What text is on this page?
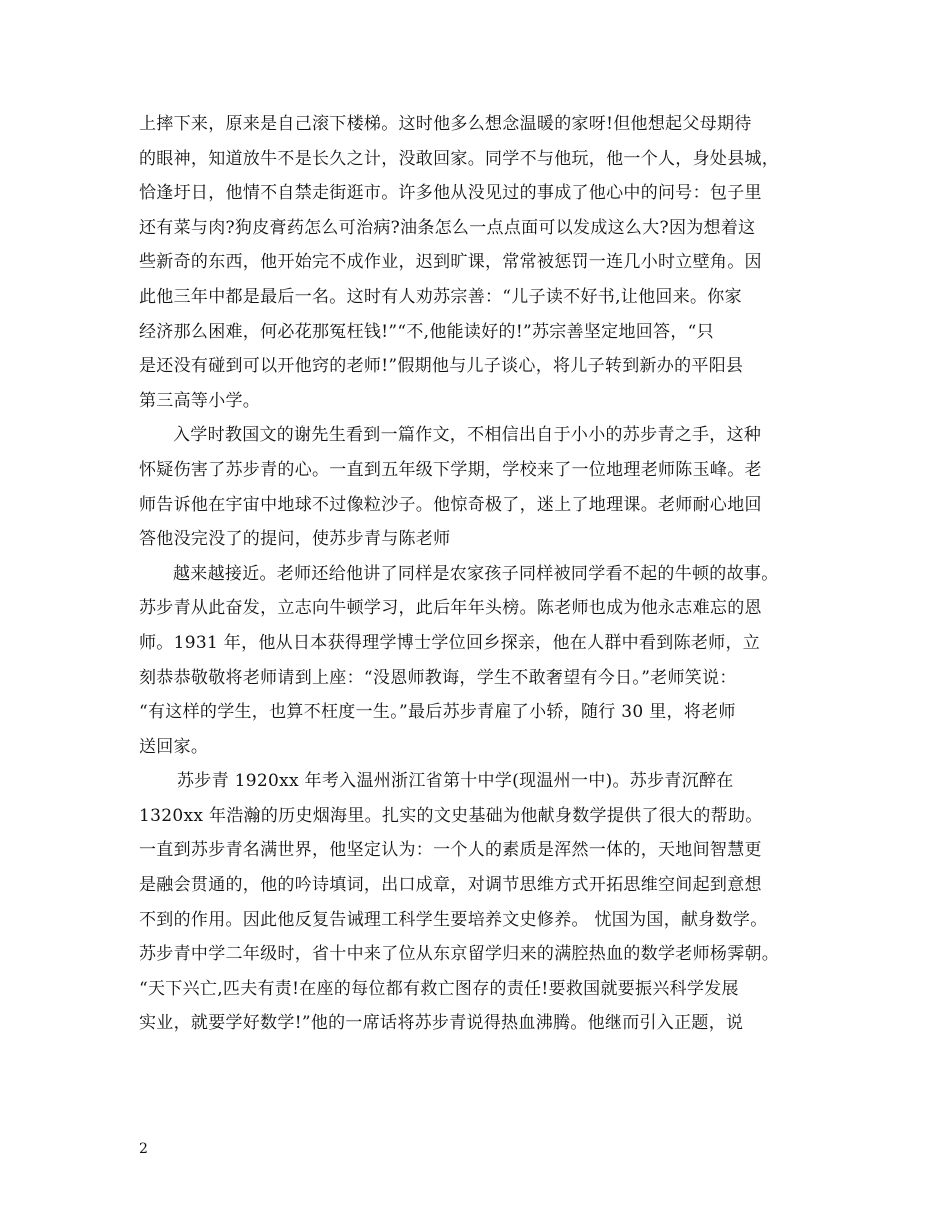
上摔下来，原来是自己滚下楼梯。这时他多么想念温暖的家呀!但他想起父母期待
的眼神，知道放牛不是长久之计，没敢回家。同学不与他玩，他一个人，身处县城，
恰逢圩日，他情不自禁走街逛市。许多他从没见过的事成了他心中的问号：包子里
还有菜与肉?狗皮膏药怎么可治病?油条怎么一点点面可以发成这么大?因为想着这
些新奇的东西，他开始完不成作业，迟到旷课，常常被惩罚一连几小时立壁角。因
此他三年中都是最后一名。这时有人劝苏宗善：“儿子读不好书,让他回来。你家
经济那么困难，何必花那冤枉钱!”“不,他能读好的!”苏宗善坚定地回答，“只
是还没有碰到可以开他窍的老师!”假期他与儿子谈心，将儿子转到新办的平阳县
第三高等小学。
入学时教国文的谢先生看到一篇作文，不相信出自于小小的苏步青之手，这种
怀疑伤害了苏步青的心。一直到五年级下学期，学校来了一位地理老师陈玉峰。老
师告诉他在宇宙中地球不过像粒沙子。他惊奇极了，迷上了地理课。老师耐心地回
答他没完没了的提问，使苏步青与陈老师
越来越接近。老师还给他讲了同样是农家孩子同样被同学看不起的牛顿的故事。
苏步青从此奋发，立志向牛顿学习，此后年年头榜。陈老师也成为他永志难忘的恩
师。1931 年，他从日本获得理学博士学位回乡探亲，他在人群中看到陈老师，立
刻恭恭敬敬将老师请到上座：“没恩师教诲，学生不敢奢望有今日。”老师笑说：
“有这样的学生，也算不枉度一生。”最后苏步青雇了小轿，随行 30 里，将老师
送回家。
苏步青 1920xx 年考入温州浙江省第十中学(现温州一中)。苏步青沉醉在
1320xx 年浩瀚的历史烟海里。扎实的文史基础为他献身数学提供了很大的帮助。
一直到苏步青名满世界，他坚定认为：一个人的素质是浑然一体的，天地间智慧更
是融会贯通的，他的吟诗填词，出口成章，对调节思维方式开拓思维空间起到意想
不到的作用。因此他反复告诫理工科学生要培养文史修养。 忧国为国，献身数学。
苏步青中学二年级时，省十中来了位从东京留学归来的满腔热血的数学老师杨霁朝。
“天下兴亡,匹夫有责!在座的每位都有救亡图存的责任!要救国就要振兴科学发展
实业，就要学好数学!”他的一席话将苏步青说得热血沸腾。他继而引入正题，说
2
